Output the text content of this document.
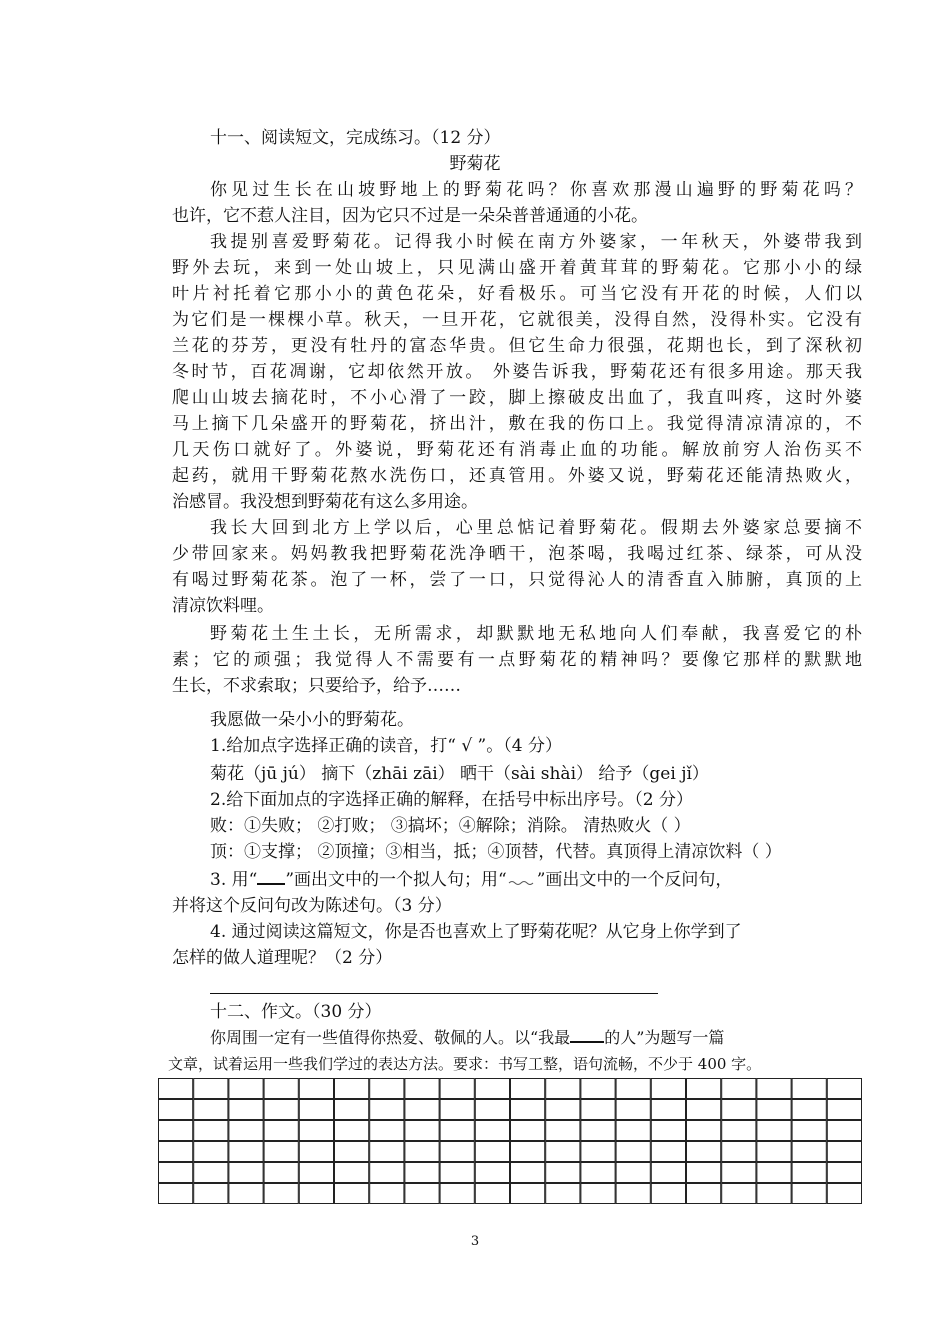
十一、阅读短文，完成练习。（12 分）
野菊花
你见过生长在山坡野地上的野菊花吗？你喜欢那漫山遍野的野菊花吗？
也许，它不惹人注目，因为它只不过是一朵朵普普通通的小花。
我提别喜爱野菊花。记得我小时候在南方外婆家，一年秋天，外婆带我到
野外去玩，来到一处山坡上，只见满山盛开着黄茸茸的野菊花。它那小小的绿
叶片衬托着它那小小的黄色花朵，好看极乐。可当它没有开花的时候，人们以
为它们是一棵棵小草。秋天，一旦开花，它就很美，没得自然，没得朴实。它没有
兰花的芬芳，更没有牡丹的富态华贵。但它生命力很强，花期也长，到了深秋初
冬时节，百花凋谢，它却依然开放。 外婆告诉我，野菊花还有很多用途。那天我
爬山山坡去摘花时，不小心滑了一跤，脚上擦破皮出血了，我直叫疼，这时外婆
马上摘下几朵盛开的野菊花，挤出汁，敷在我的伤口上。我觉得清凉清凉的，不
几天伤口就好了。外婆说，野菊花还有消毒止血的功能。解放前穷人治伤买不
起药，就用干野菊花熬水洗伤口，还真管用。外婆又说，野菊花还能清热败火，
治感冒。我没想到野菊花有这么多用途。
我长大回到北方上学以后，心里总惦记着野菊花。假期去外婆家总要摘不
少带回家来。妈妈教我把野菊花洗净晒干，泡茶喝，我喝过红茶、绿茶，可从没
有喝过野菊花茶。泡了一杯，尝了一口，只觉得沁人的清香直入肺腑，真顶的上
清凉饮料哩。
野菊花土生土长，无所需求，却默默地无私地向人们奉献，我喜爱它的朴
素；它的顽强；我觉得人不需要有一点野菊花的精神吗？要像它那样的默默地
生长，不求索取；只要给予，给予……
我愿做一朵小小的野菊花。
1.给加点字选择正确的读音，打“ √ ”。（4 分）
菊花（jū jú） 摘下（zhāi zāi） 晒干（sài shài） 给予（gei jǐ）
2.给下面加点的字选择正确的解释，在括号中标出序号。（2 分）
败：①失败； ②打败； ③搞坏；④解除；消除。 清热败火（ ）
顶：①支撑； ②顶撞；③相当，抵；④顶替，代替。真顶得上清凉饮料（ ）
3. 用“ ”画出文中的一个拟人句；用“ ”画出文中的一个反问句，
并将这个反问句改为陈述句。（3 分）
4. 通过阅读这篇短文，你是否也喜欢上了野菊花呢？从它身上你学到了
怎样的做人道理呢？（2 分）
十二、作文。（30 分）
你周围一定有一些值得你热爱、敬佩的人。以“我最 的人”为题写一篇
文章，试着运用一些我们学过的表达方法。要求：书写工整，语句流畅，不少于 400 字。
3
